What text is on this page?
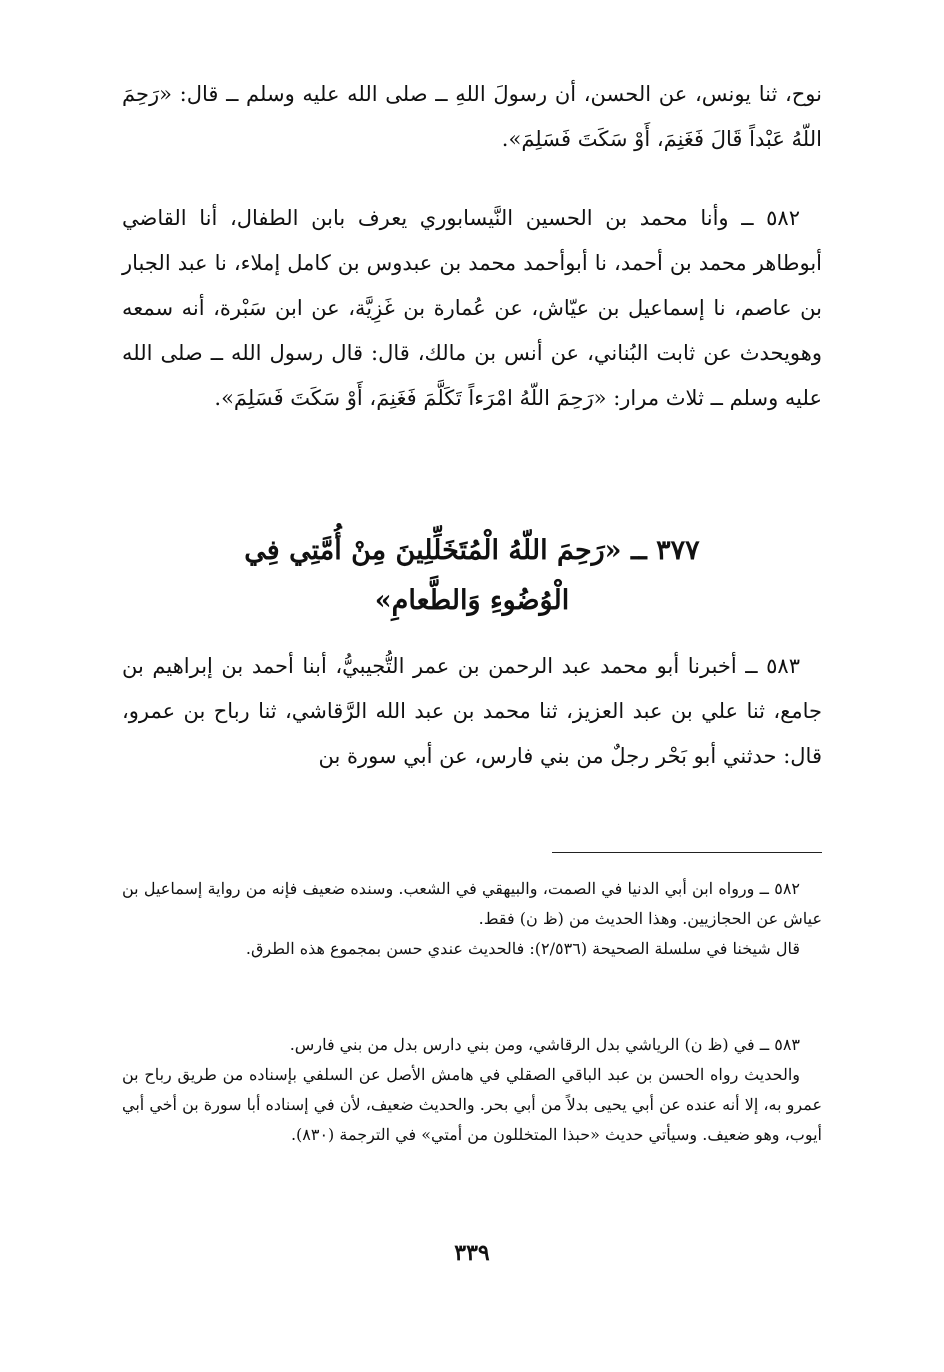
نوح، ثنا يونس، عن الحسن، أن رسولَ اللهِ ــ صلى الله عليه وسلم ــ قال: «رَحِمَ اللّهُ عَبْداً قَالَ فَغَنِمَ، أَوْ سَكَتَ فَسَلِمَ».

٥٨٢ ــ وأنا محمد بن الحسين النَّيسابوري يعرف بابن الطفال، أنا القاضي أبوطاهر محمد بن أحمد، نا أبوأحمد محمد بن عبدوس بن كامل إملاء، نا عبد الجبار بن عاصم، نا إسماعيل بن عيّاش، عن عُمارة بن غَزِيَّة، عن ابن سَبْرة، أنه سمعه وهويحدث عن ثابت البُناني، عن أنس بن مالك، قال: قال رسول الله ــ صلى الله عليه وسلم ــ ثلاث مرار: «رَحِمَ اللّهُ امْرَءاً تَكَلَّمَ فَغَنِمَ، أَوْ سَكَتَ فَسَلِمَ».

٣٧٧ ــ «رَحِمَ اللّهُ الْمُتَخَلِّلِينَ مِنْ أُمَّتِي فِي

الْوُضُوءِ وَالطَّعامِ»

٥٨٣ ــ أخبرنا أبو محمد عبد الرحمن بن عمر التُّجيبيُّ، أبنا أحمد بن إبراهيم بن جامع، ثنا علي بن عبد العزيز، ثنا محمد بن عبد الله الرَّقاشي، ثنا رباح بن عمرو، قال: حدثني أبو بَحْر رجلٌ من بني فارس، عن أبي سورة بن

٥٨٢ ــ ورواه ابن أبي الدنيا في الصمت، والبيهقي في الشعب. وسنده ضعيف فإنه من رواية إسماعيل بن عياش عن الحجازيين. وهذا الحديث من (ظ ن) فقط.

قال شيخنا في سلسلة الصحيحة (٢/٥٣٦): فالحديث عندي حسن بمجموع هذه الطرق.

٥٨٣ ــ في (ظ ن) الرياشي بدل الرقاشي، ومن بني دارس بدل من بني فارس.

والحديث رواه الحسن بن عبد الباقي الصقلي في هامش الأصل عن السلفي بإسناده من طريق رباح بن عمرو به، إلا أنه عنده عن أبي يحيى بدلاً من أبي بحر. والحديث ضعيف، لأن في إسناده أبا سورة بن أخي أبي أيوب، وهو ضعيف. وسيأتي حديث «حبذا المتخللون من أمتي» في الترجمة (٨٣٠).

٣٣٩
